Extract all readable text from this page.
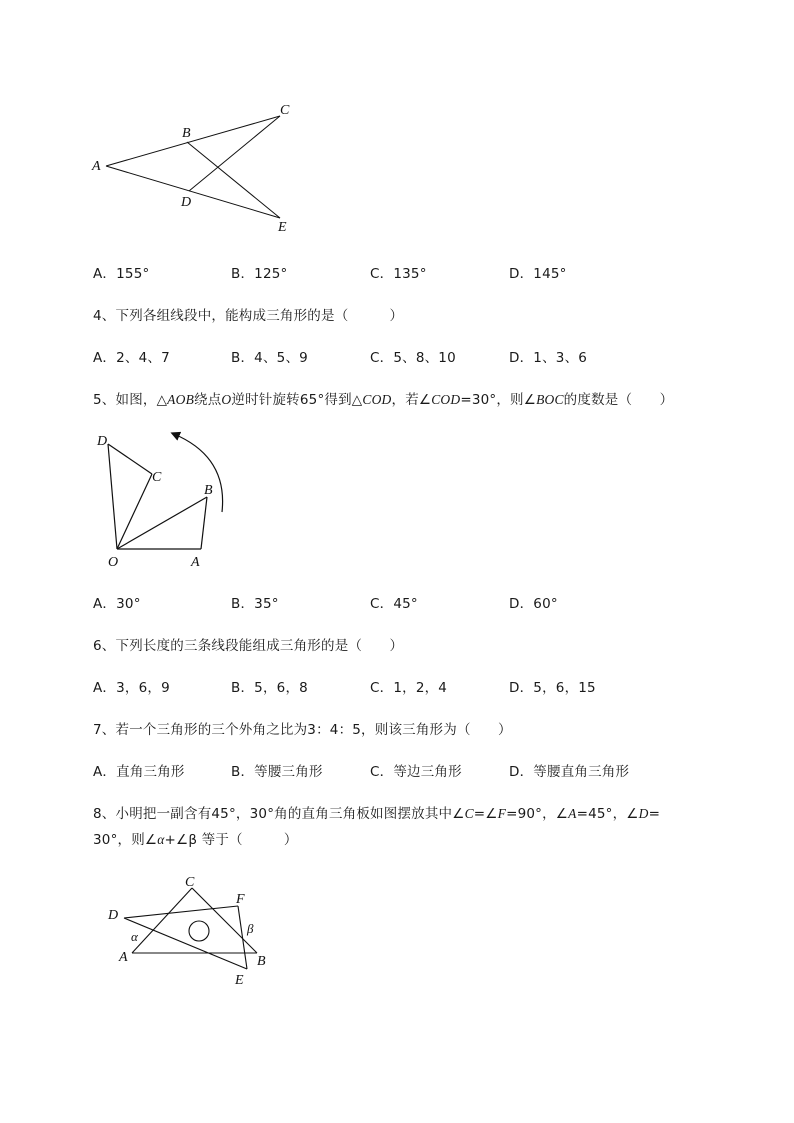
A
B
C
D
E
A．155°	B．125°	C．135°	D．145°
4、下列各组线段中，能构成三角形的是（　　　）
A．2、4、7	B．4、5、9	C．5、8、10	D．1、3、6
5、如图，△AOB绕点O逆时针旋转65°得到△COD，若∠COD=30°，则∠BOC的度数是（　　）
D
C
B
O	A
A．30°	B．35°	C．45°	D．60°
6、下列长度的三条线段能组成三角形的是（　　）
A．3，6，9	B．5，6，8	C．1，2，4	D．5，6，15
7、若一个三角形的三个外角之比为3：4：5，则该三角形为（　　）
A．直角三角形	B．等腰三角形	C．等边三角形	D．等腰直角三角形
8、小明把一副含有45°，30°角的直角三角板如图摆放其中∠C=∠F=90°，∠A=45°，∠D=
30°，则∠α+∠β 等于（　　　）
C
F
D
α
β
A	B
E
